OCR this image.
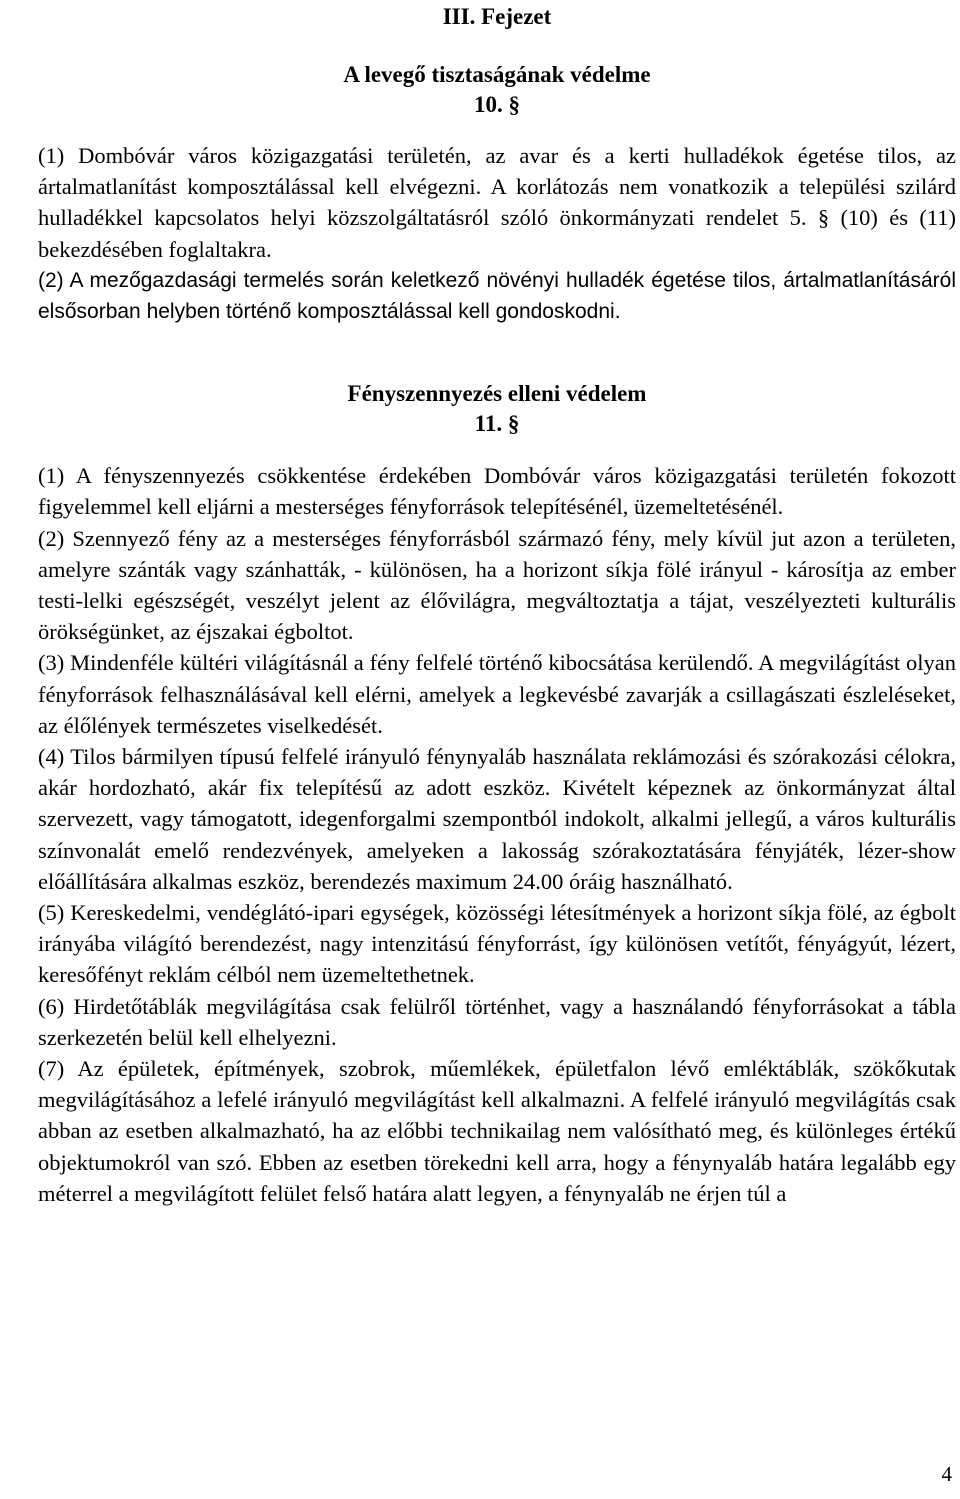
III. Fejezet
A levegő tisztaságának védelme
10. §
(1) Dombóvár város közigazgatási területén, az avar és a kerti hulladékok égetése tilos, az ártalmatlanítást komposztálással kell elvégezni. A korlátozás nem vonatkozik a települési szilárd hulladékkel kapcsolatos helyi közszolgáltatásról szóló önkormányzati rendelet 5. § (10) és (11) bekezdésében foglaltakra.
(2) A mezőgazdasági termelés során keletkező növényi hulladék égetése tilos, ártalmatlanításáról elsősorban helyben történő komposztálással kell gondoskodni.
Fényszennyezés elleni védelem
11. §
(1) A fényszennyezés csökkentése érdekében Dombóvár város közigazgatási területén fokozott figyelemmel kell eljárni a mesterséges fényforrások telepítésénél, üzemeltetésénél.
(2) Szennyező fény az a mesterséges fényforrásból származó fény, mely kívül jut azon a területen, amelyre szánták vagy szánhatták, - különösen, ha a horizont síkja fölé irányul - károsítja az ember testi-lelki egészségét, veszélyt jelent az élővilágra, megváltoztatja a tájat, veszélyezteti kulturális örökségünket, az éjszakai égboltot.
(3) Mindenféle kültéri világításnál a fény felfelé történő kibocsátása kerülendő. A megvilágítást olyan fényforrások felhasználásával kell elérni, amelyek a legkevésbé zavarják a csillagászati észleléseket, az élőlények természetes viselkedését.
(4) Tilos bármilyen típusú felfelé irányuló fénynyaláb használata reklámozási és szórakozási célokra, akár hordozható, akár fix telepítésű az adott eszköz. Kivételt képeznek az önkormányzat által szervezett, vagy támogatott, idegenforgalmi szempontból indokolt, alkalmi jellegű, a város kulturális színvonalát emelő rendezvények, amelyeken a lakosság szórakoztatására fényjáték, lézer-show előállítására alkalmas eszköz, berendezés maximum 24.00 óráig használható.
(5) Kereskedelmi, vendéglátó-ipari egységek, közösségi létesítmények a horizont síkja fölé, az égbolt irányába világító berendezést, nagy intenzitású fényforrást, így különösen vetítőt, fényágyút, lézert, keresőfényt reklám célból nem üzemeltethetnek.
(6) Hirdetőtáblák megvilágítása csak felülről történhet, vagy a használandó fényforrásokat a tábla szerkezetén belül kell elhelyezni.
(7) Az épületek, építmények, szobrok, műemlékek, épületfalon lévő emléktáblák, szökőkutak megvilágításához a lefelé irányuló megvilágítást kell alkalmazni. A felfelé irányuló megvilágítás csak abban az esetben alkalmazható, ha az előbbi technikailag nem valósítható meg, és különleges értékű objektumokról van szó. Ebben az esetben törekedni kell arra, hogy a fénynyaláb határa legalább egy méterrel a megvilágított felület felső határa alatt legyen, a fénynyaláb ne érjen túl a
4
